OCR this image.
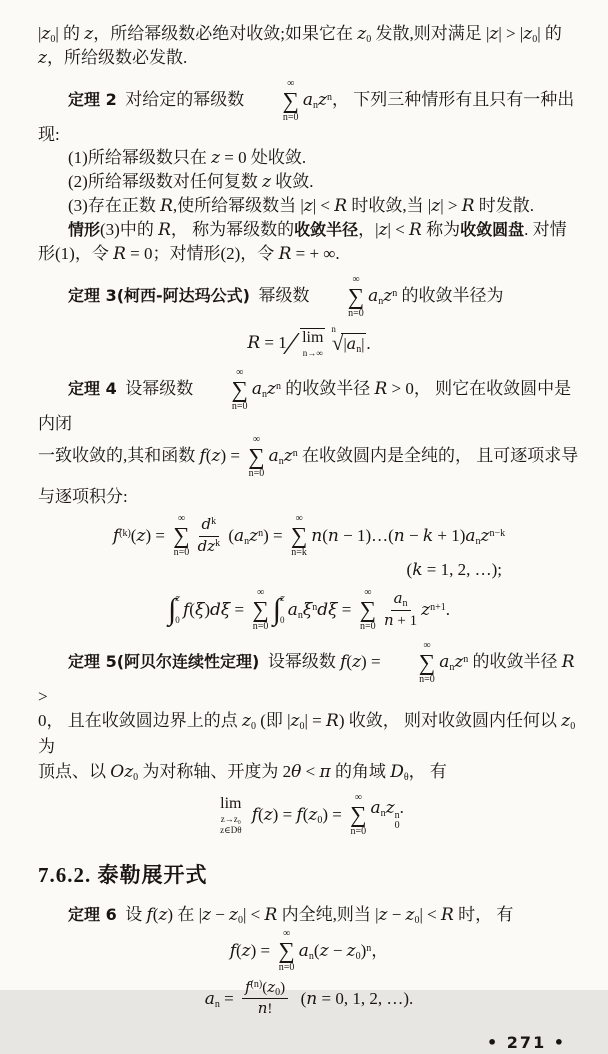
$|z_0|$ 的 z，所给幂级数必绝对收敛;如果它在 $z_0$ 发散,则对满足 $|z| > |z_0|$ 的

z，所给级数必发散.

定理 2  对给定的幂级数
∞
∑
n=0
$a_nz^n$， 下列三种情形有且只有一种出现:

(1)所给幂级数只在 z = 0 处收敛.

(2)所给幂级数对任何复数 z 收敛.

(3)存在正数 R,使所给幂级数当 |z| < R 时收敛,当 |z| > R 时发散.

情形(3)中的 R， 称为幂级数的收敛半径，|z| < R 称为收敛圆盘. 对情

形(1)，令 R = 0；对情形(2)，令 R = + ∞.

定理 3(柯西-阿达玛公式)  幂级数
∞
∑
n=0
$a_nz^n$ 的收敛半径为

R = 1 ∕ lim
n→∞
n
√ $|a_n|$ .

定理 4  设幂级数
∞
∑
n=0
$a_nz^n$ 的收敛半径 R > 0， 则它在收敛圆中是内闭

一致收敛的,其和函数 f(z) =
∞
∑
n=0
$a_nz^n$ 在收敛圆内是全纯的， 且可逐项求导

与逐项积分:

$f^{(k)}(z)$ =
∞
∑
$n=0 \frac{d^k}{dz^k} (a_nz^n)$ =
∞
∑
n=k
n(n − 1)…(n − $k + 1)a_nz^{n-k}$

(k = 1, 2, …);

∫ z
0 f(ξ)dξ =
∞
∑
n=0
∫ z
0 $a_n\xi^nd\xi$ =
∞
∑
$n=0 \frac{a_n}{n + 1} z^{n+1}$.

定理 5(阿贝尔连续性定理)  设幂级数 f(z) =
∞
∑
n=0
$a_nz^n$ 的收敛半径 R >

0， 且在收敛圆边界上的点 $z_0$ (即 $|z_0| = R$) 收敛， 则对收敛圆内任何以 $z_0$ 为

顶点、以 $Oz_0$ 为对称轴、开度为 2θ < π 的角域 $D_\theta$， 有

lim
z→z₀
z∈Dθ
$f(z) = f(z_0)$ =
∞
∑
n=0
$a_nz$ n
0
.
7.6.2. 泰勒展开式

定理 6  设 f(z) 在 $|z - z_0| < R$ 内全纯,则当 $|z - z_0| < R$ 时， 有

f(z) =
∞
∑
n=0
$a_n(z - z_0)^n$，
$a_n = \frac{f^{(n)}(z_0)}{n!} (n = 0$, 1, 2, …).

• 271 •
